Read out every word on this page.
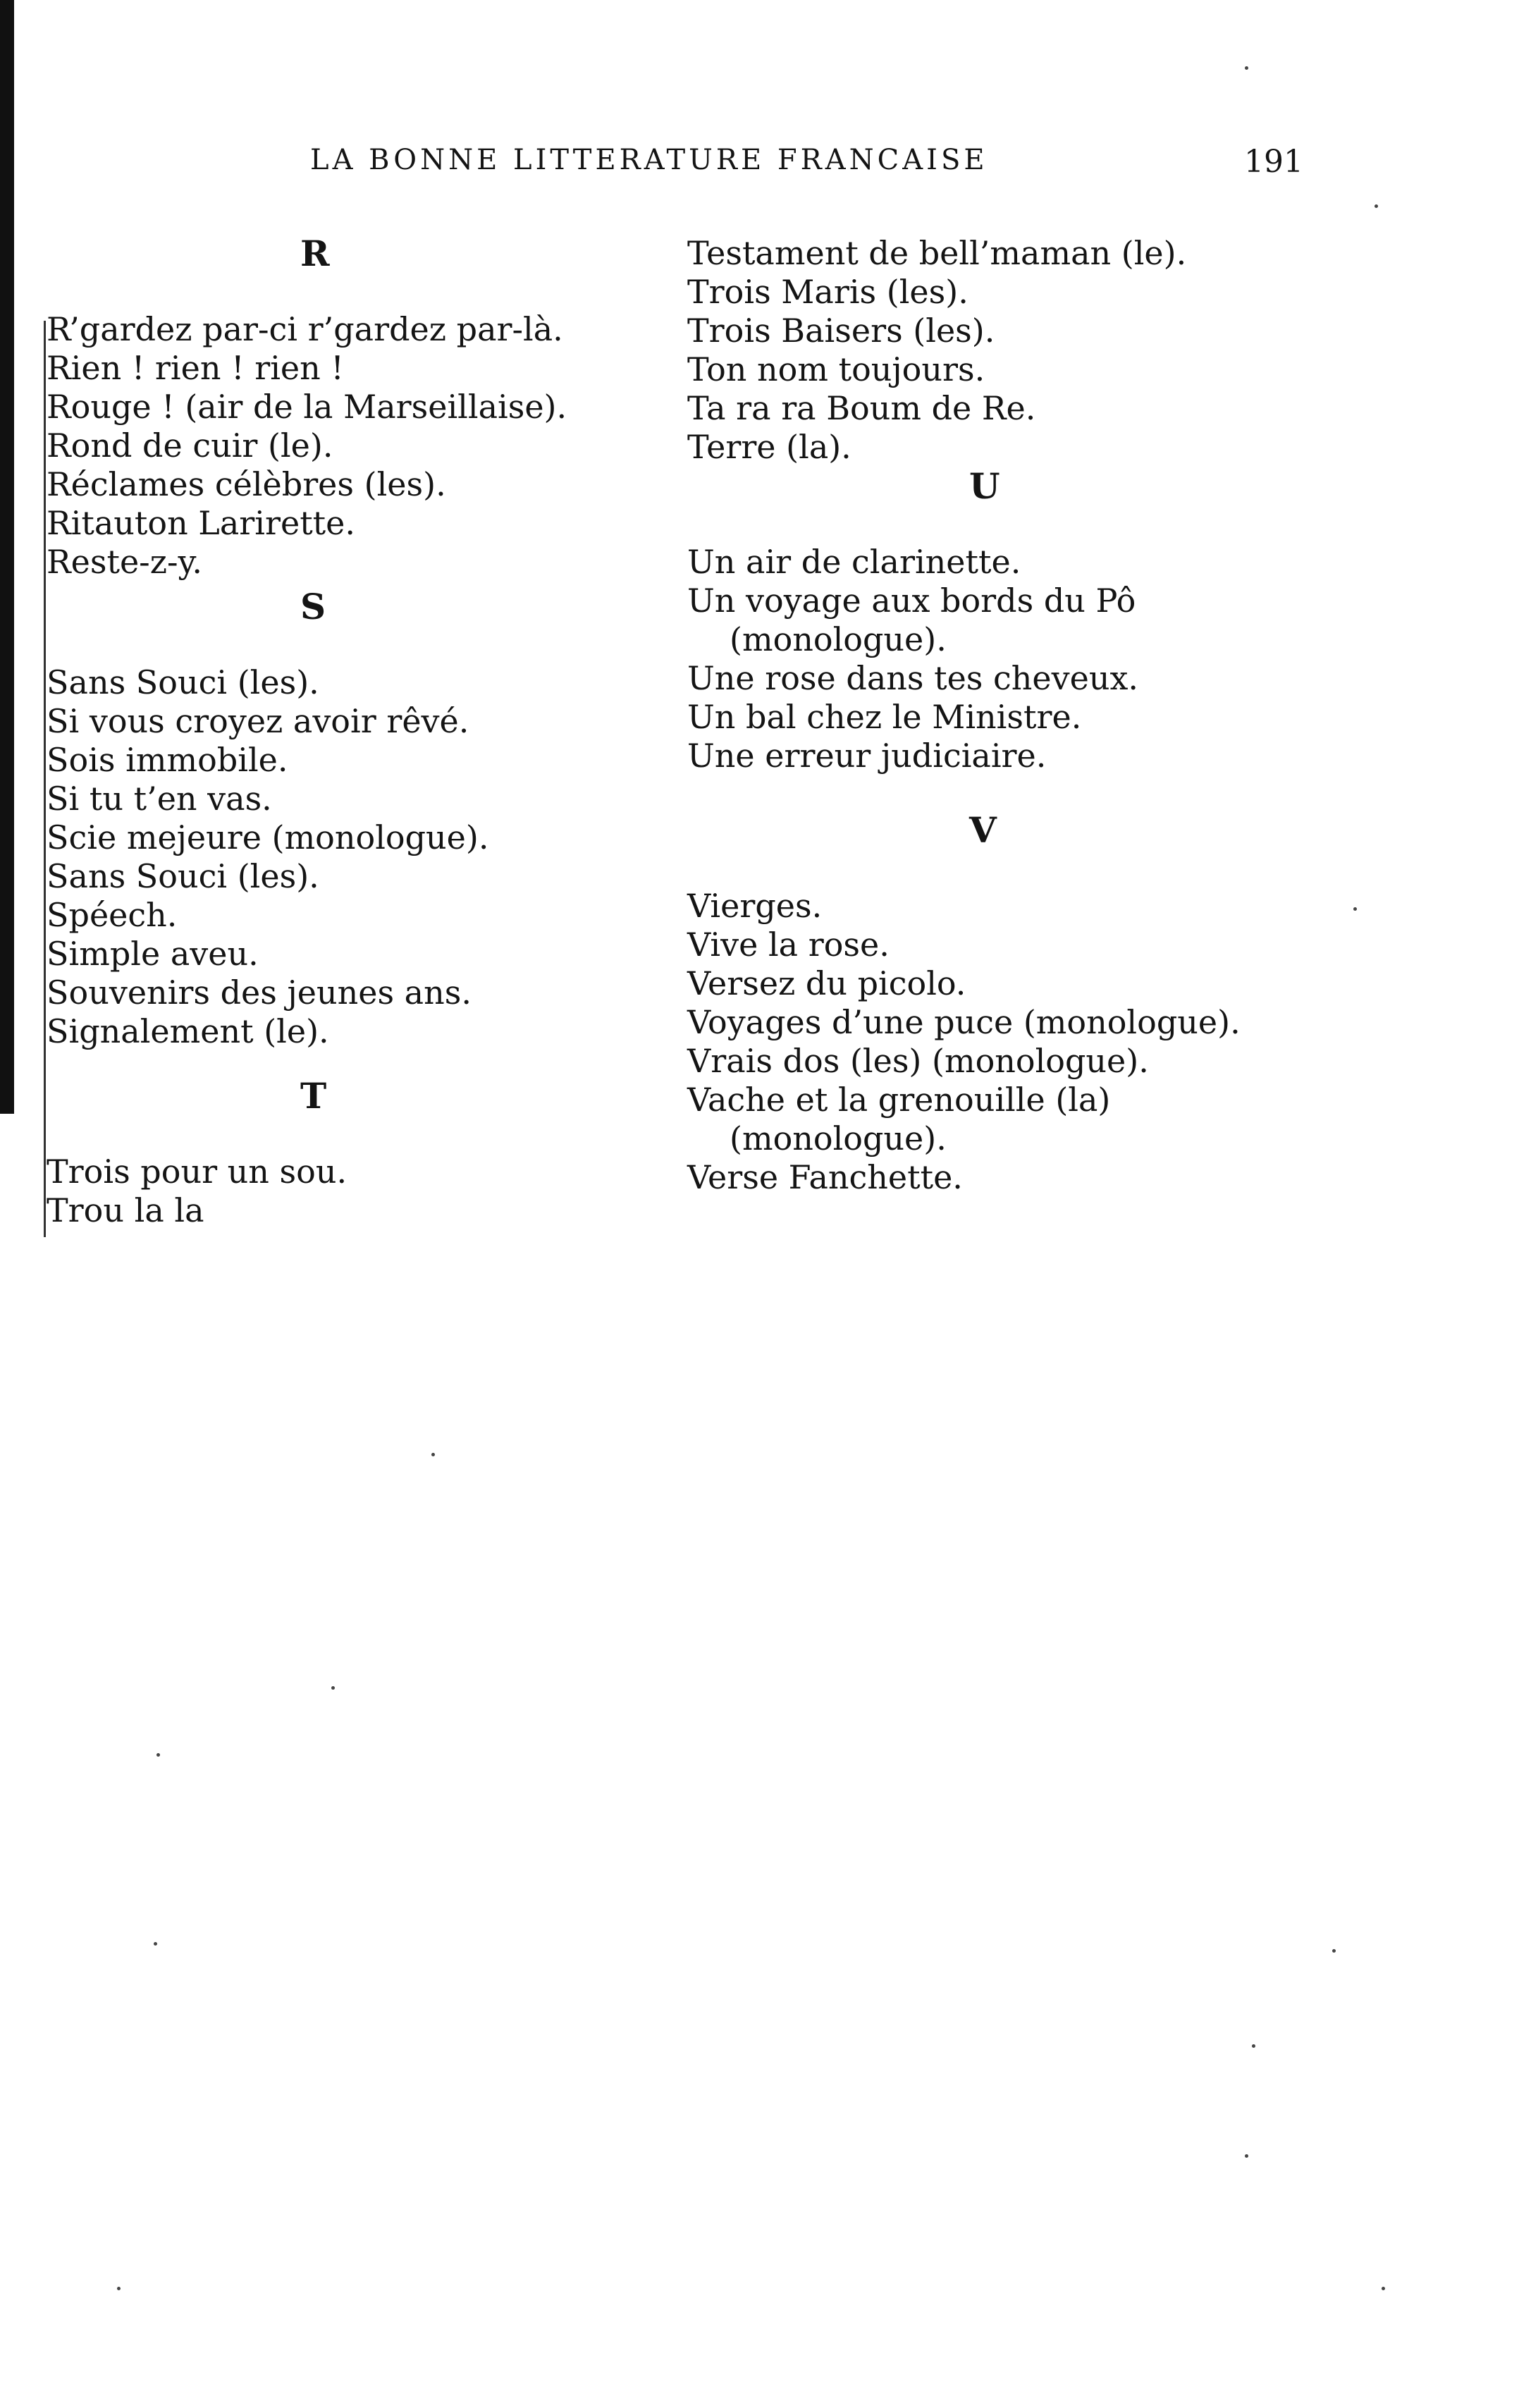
LA BONNE LITTERATURE FRANCAISE	191
R
R’gardez par-ci r’gardez par-là.
Rien ! rien ! rien !
Rouge ! (air de la Marseillaise).
Rond de cuir (le).
Réclames célèbres (les).
Ritauton Larirette.
Reste-z-y.
S
Sans Souci (les).
Si vous croyez avoir rêvé.
Sois immobile.
Si tu t’en vas.
Scie mejeure (monologue).
Sans Souci (les).
Spéech.
Simple aveu.
Souvenirs des jeunes ans.
Signalement (le).
T
Trois pour un sou.
Trou la la
Testament de bell’maman (le).
Trois Maris (les).
Trois Baisers (les).
Ton nom toujours.
Ta ra ra Boum de Re.
Terre (la).
U
Un air de clarinette.
Un voyage aux bords du Pô (monologue).
Une rose dans tes cheveux.
Un bal chez le Ministre.
Une erreur judiciaire.
V
Vierges.
Vive la rose.
Versez du picolo.
Voyages d’une puce (monologue).
Vrais dos (les) (monologue).
Vache et la grenouille (la) (monologue).
Verse Fanchette.
